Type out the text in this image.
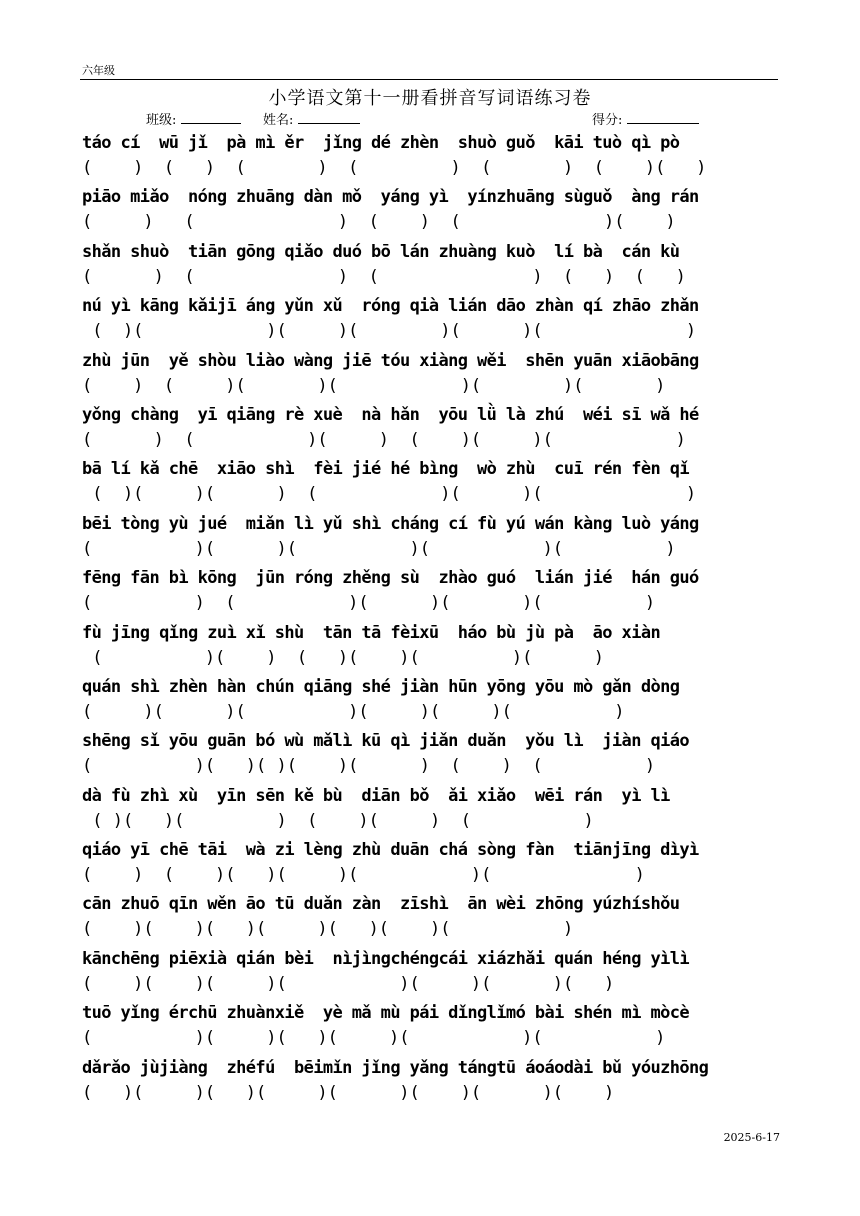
六年级
小学语文第十一册看拼音写词语练习卷
班级:	姓名:	得分:
táo cí  wū jǐ  pà mì ěr  jǐng dé zhèn  shuò guǒ  kāi tuò qì pò
(    )  (   )  (       )  (         )  (       )  (    )(   )
piāo miǎo  nóng zhuāng dàn mǒ  yáng yì  yínzhuāng sùguǒ  àng rán
(     )   (              )  (    )  (              )(    )
shǎn shuò  tiān gōng qiǎo duó bō lán zhuàng kuò  lí bà  cán kù
(      )  (              )  (               )  (   )  (   )
nú yì kāng kǎijī áng yǔn xǔ  róng qià lián dāo zhàn qí zhāo zhǎn
(  )(            )(     )(        )(      )(              )
zhù jūn  yě shòu liào wàng jiē tóu xiàng wěi  shēn yuān xiāobāng
(    )  (     )(       )(            )(        )(       )
yǒng chàng  yī qiāng rè xuè  nà hǎn  yōu lǜ là zhú  wéi sī wǎ hé
(      )  (           )(     )  (    )(     )(            )
bā lí kǎ chē  xiāo shì  fèi jié hé bìng  wò zhù  cuī rén fèn qǐ
(  )(     )(      )  (            )(      )(              )
bēi tòng yù jué  miǎn lì yǔ shì cháng cí fù yú wán kàng luò yáng
(          )(      )(           )(           )(          )
fēng fān bì kōng  jūn róng zhěng sù  zhào guó  lián jié  hán guó
(          )  (           )(      )(       )(          )
fù jīng qǐng zuì xǐ shù  tān tā fèixū  háo bù jù pà  āo xiàn
(          )(    )  (   )(    )(         )(      )
quán shì zhèn hàn chún qiāng shé jiàn hūn yōng yōu mò gǎn dòng
(     )(      )(          )(     )(     )(          )
shēng sǐ yōu guān bó wù mǎlì kū qì jiǎn duǎn  yǒu lì  jiàn qiáo
(          )(   )( )(    )(      )  (    )  (          )
dà fù zhì xù  yīn sēn kě bù  diān bǒ  ǎi xiǎo  wēi rán  yì lì
( )(   )(         )  (    )(     )  (           )
qiáo yī chē tāi  wà zi lèng zhù duān chá sòng fàn  tiānjīng dìyì
(    )  (    )(   )(     )(           )(              )
cān zhuō qīn wěn āo tū duǎn zàn  zīshì  ān wèi zhōng yúzhíshǒu
(    )(    )(   )(     )(   )(    )(           )
kānchēng piēxià qián bèi  nìjìngchéngcái xiázhǎi quán héng yìlì
(    )(    )(     )(           )(     )(      )(   )
tuō yǐng érchū zhuànxiě  yè mǎ mù pái dǐnglǐmó bài shén mì mòcè
(          )(     )(   )(     )(           )(           )
dǎrǎo jùjiàng  zhéfú  bēimǐn jǐng yǎng tángtū áoáodài bǔ yóuzhōng
(   )(     )(   )(     )(      )(    )(      )(    )
2025-6-17
